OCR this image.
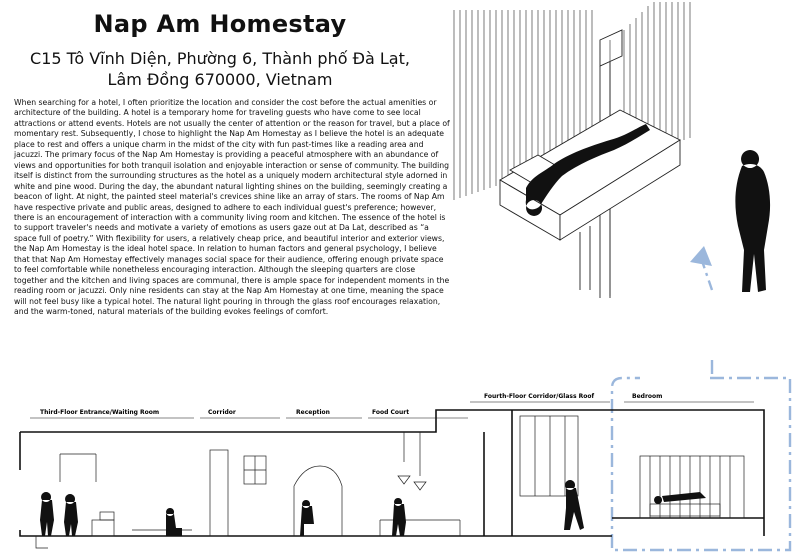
Nap Am Homestay
C15 Tô Vĩnh Diện, Phường 6, Thành phố Đà Lạt,
Lâm Đồng 670000, Vietnam

When searching for a hotel, I often prioritize the location and consider the cost before the actual amenities or architecture of the building. A hotel is a temporary home for traveling guests who have come to see local attractions or attend events. Hotels are not usually the center of attention or the reason for travel, but a place of momentary rest. Subsequently, I chose to highlight the Nap Am Homestay as I believe the hotel is an adequate place to rest and offers a unique charm in the midst of the city with fun past-times like a reading area and jacuzzi. The primary focus of the Nap Am Homestay is providing a peaceful atmosphere with an abundance of views and opportunities for both tranquil isolation and enjoyable interaction or sense of community. The building itself is distinct from the surrounding structures as the hotel as a uniquely modern architectural style adorned in white and pine wood. During the day, the abundant natural lighting shines on the building, seemingly creating a beacon of light. At night, the painted steel material's crevices shine like an array of stars. The rooms of Nap Am have respective private and public areas, designed to adhere to each individual guest's preference; however, there is an encouragement of interaction with a community living room and kitchen. The essence of the hotel is to support traveler's needs and motivate a variety of emotions as users gaze out at Da Lat, described as “a space full of poetry.” With flexibility for users, a relatively cheap price, and beautiful interior and exterior views, the Nap Am Homestay is the ideal hotel space. In relation to human factors and general psychology, I believe that that Nap Am Homestay effectively manages social space for their audience, offering enough private space to feel comfortable while nonetheless encouraging interaction. Although the sleeping quarters are close together and the kitchen and living spaces are communal, there is ample space for independent moments in the reading room or jacuzzi. Only nine residents can stay at the Nap Am Homestay at one time, meaning the space will not feel busy like a typical hotel. The natural light pouring in through the glass roof encourages relaxation, and the warm-toned, natural materials of the building evokes feelings of comfort.

Third-Floor Entrance/Waiting Room	Corridor	Reception	Food Court
Fourth-Floor Corridor/Glass Roof	Bedroom
